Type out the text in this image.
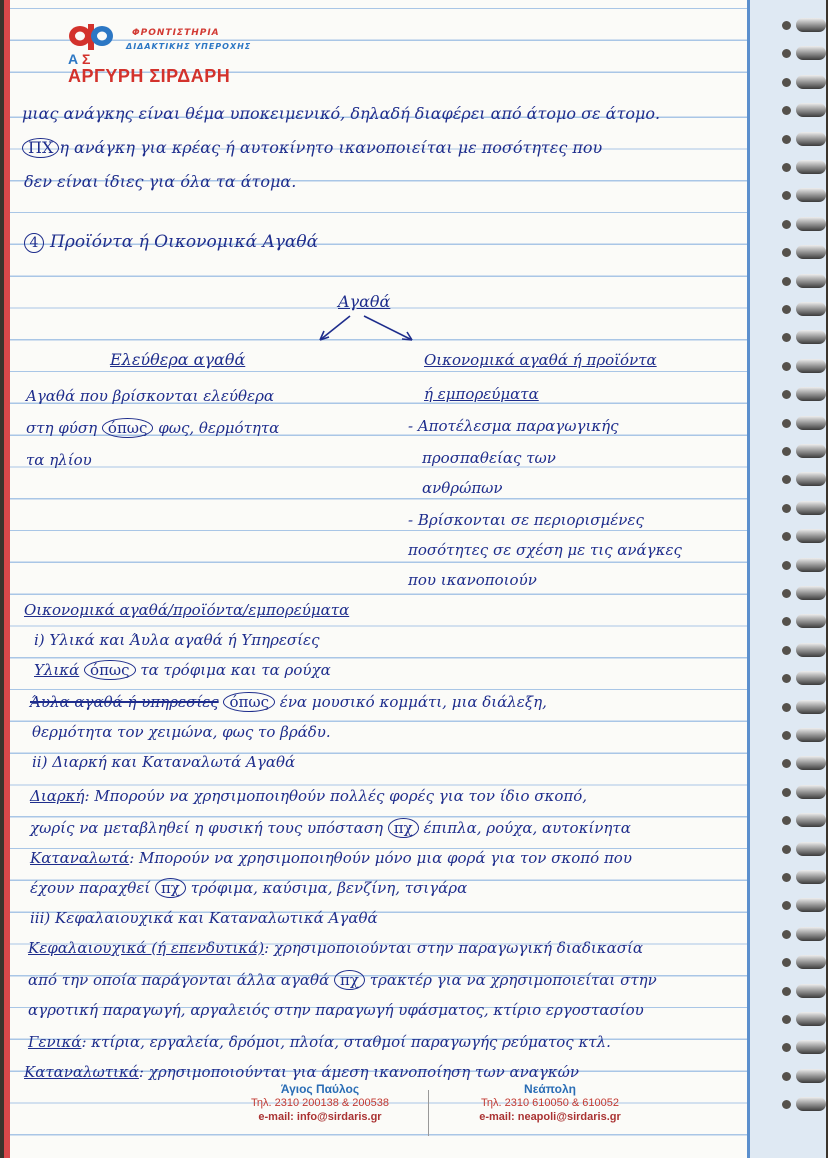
Α Σ
ΦΡΟΝΤΙΣΤΗΡΙΑ
ΔΙΔΑΚΤΙΚΗΣ ΥΠΕΡΟΧΗΣ
ΑΡΓΥΡΗ ΣΙΡΔΑΡΗ
μιας ανάγκης είναι θέμα υποκειμενικό, δηλαδή διαφέρει από άτομο σε άτομο.
ΠΧ η ανάγκη για κρέας ή αυτοκίνητο ικανοποιείται με ποσότητες που
δεν είναι ίδιες για όλα τα άτομα.
4 Προϊόντα ή Οικονομικά Αγαθά
Αγαθά
Ελεύθερα αγαθά
Αγαθά που βρίσκονται ελεύθερα
στη φύση όπως φως, θερμότητα
τα ηλίου
Οικονομικά αγαθά ή προϊόντα
ή εμπορεύματα
- Αποτέλεσμα παραγωγικής
προσπαθείας των
ανθρώπων
- Βρίσκονται σε περιορισμένες
ποσότητες σε σχέση με τις ανάγκες
που ικανοποιούν
Οικονομικά αγαθά/προϊόντα/εμπορεύματα
i) Υλικά και Άυλα αγαθά ή Υπηρεσίες
Υλικά όπως τα τρόφιμα και τα ρούχα
Άυλα αγαθά ή υπηρεσίες όπως ένα μουσικό κομμάτι, μια διάλεξη,
θερμότητα τον χειμώνα, φως το βράδυ.
ii) Διαρκή και Καταναλωτά Αγαθά
Διαρκή: Μπορούν να χρησιμοποιηθούν πολλές φορές για τον ίδιο σκοπό,
χωρίς να μεταβληθεί η φυσική τους υπόσταση πχ έπιπλα, ρούχα, αυτοκίνητα
Καταναλωτά: Μπορούν να χρησιμοποιηθούν μόνο μια φορά για τον σκοπό που
έχουν παραχθεί πχ τρόφιμα, καύσιμα, βενζίνη, τσιγάρα
iii) Κεφαλαιουχικά και Καταναλωτικά Αγαθά
Κεφαλαιουχικά (ή επενδυτικά): χρησιμοποιούνται στην παραγωγική διαδικασία
από την οποία παράγονται άλλα αγαθά πχ τρακτέρ για να χρησιμοποιείται στην
αγροτική παραγωγή, αργαλειός στην παραγωγή υφάσματος, κτίριο εργοστασίου
Γενικά: κτίρια, εργαλεία, δρόμοι, πλοία, σταθμοί παραγωγής ρεύματος κτλ.
Καταναλωτικά: χρησιμοποιούνται για άμεση ικανοποίηση των αναγκών
Άγιος Παύλος
Τηλ. 2310 200138 & 200538
e-mail: info@sirdaris.gr
Νεάπολη
Τηλ. 2310 610050 & 610052
e-mail: neapoli@sirdaris.gr
